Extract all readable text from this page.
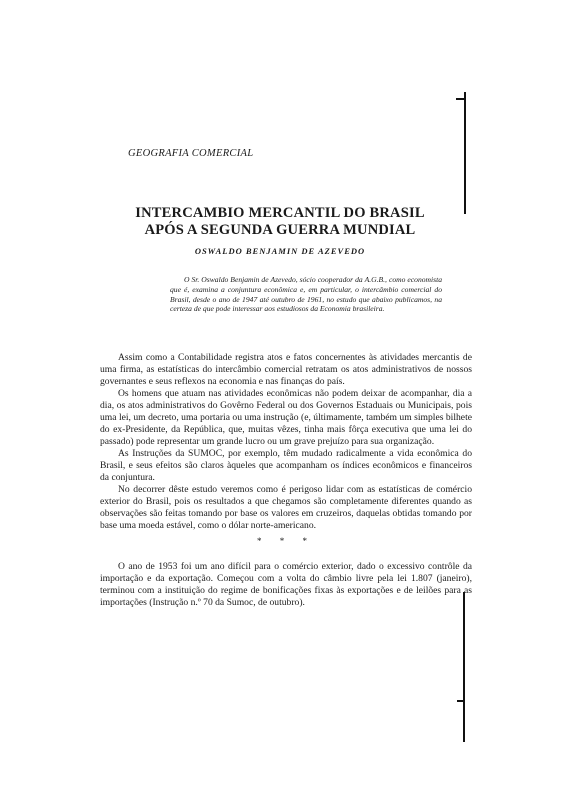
GEOGRAFIA COMERCIAL
INTERCAMBIO MERCANTIL DO BRASIL
APÓS A SEGUNDA GUERRA MUNDIAL
OSWALDO BENJAMIN DE AZEVEDO
O Sr. Oswaldo Benjamin de Azevedo, sócio cooperador da A.G.B., como economista que é, examina a conjuntura econômica e, em particular, o intercâmbio comercial do Brasil, desde o ano de 1947 até outubro de 1961, no estudo que abaixo publicamos, na certeza de que pode interessar aos estudiosos da Economia brasileira.

Assim como a Contabilidade registra atos e fatos concernentes às atividades mercantis de uma firma, as estatísticas do intercâmbio comercial retratam os atos administrativos de nossos governantes e seus reflexos na economia e nas finanças do país.

Os homens que atuam nas atividades econômicas não podem deixar de acompanhar, dia a dia, os atos administrativos do Govêrno Federal ou dos Governos Estaduais ou Municipais, pois uma lei, um decreto, uma portaria ou uma instrução (e, últimamente, também um simples bilhete do ex-Presidente, da República, que, muitas vêzes, tinha mais fôrça executiva que uma lei do passado) pode representar um grande lucro ou um grave prejuízo para sua organização.

As Instruções da SUMOC, por exemplo, têm mudado radicalmente a vida econômica do Brasil, e seus efeitos são claros àqueles que acompanham os índices econômicos e financeiros da conjuntura.

No decorrer dêste estudo veremos como é perigoso lidar com as estatísticas de comércio exterior do Brasil, pois os resultados a que chegamos são completamente diferentes quando as observações são feitas tomando por base os valores em cruzeiros, daquelas obtidas tomando por base uma moeda estável, como o dólar norte-americano.

* * *

O ano de 1953 foi um ano difícil para o comércio exterior, dado o excessivo contrôle da importação e da exportação. Começou com a volta do câmbio livre pela lei 1.807 (janeiro), terminou com a instituição do regime de bonificações fixas às exportações e de leilões para as importações (Instrução n.º 70 da Sumoc, de outubro).
